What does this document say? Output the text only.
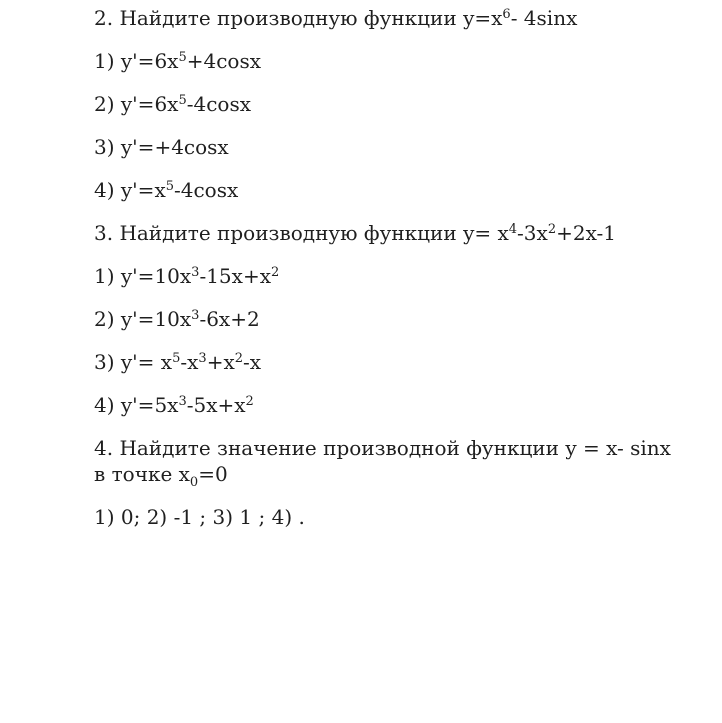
2. Найдите производную функции $y=x^6-$ 4sinx

1) $y'=6x^5+4\cos x$

2) $y'=6x^5-4\cos x$

3) y'=+4cosx

4) $y'=x^5-4\cos x$

3. Найдите производную функции $y= x^4-3x^2+2x-1$

1) $y'=10x^3-15x+x^2$

2) $y'=10x^3-6x+2$

3) $y'= x^5-x^3+x^2-x$

4) $y'=5x^3-5x+x^2$

4. Найдите значение производной функции y = x- sinx
в точке $x_0=0$

1) 0; 2) -1 ; 3) 1 ; 4) .
